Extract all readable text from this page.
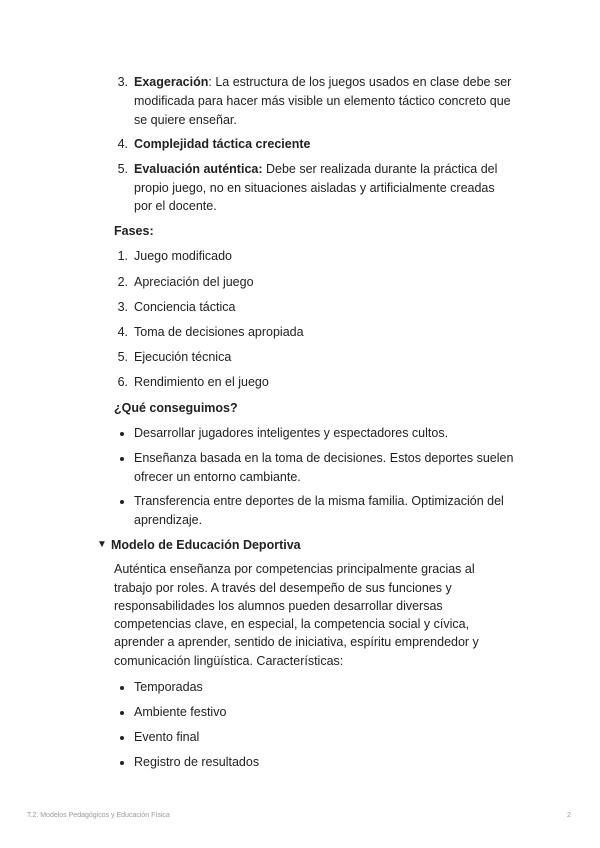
3. Exageración: La estructura de los juegos usados en clase debe ser
modificada para hacer más visible un elemento táctico concreto que
se quiere enseñar.
4. Complejidad táctica creciente
5. Evaluación auténtica: Debe ser realizada durante la práctica del
propio juego, no en situaciones aisladas y artificialmente creadas
por el docente.
Fases:
1. Juego modificado
2. Apreciación del juego
3. Conciencia táctica
4. Toma de decisiones apropiada
5. Ejecución técnica
6. Rendimiento en el juego
¿Qué conseguimos?
Desarrollar jugadores inteligentes y espectadores cultos.
Enseñanza basada en la toma de decisiones. Estos deportes suelen
ofrecer un entorno cambiante.
Transferencia entre deportes de la misma familia. Optimización del
aprendizaje.
▼ Modelo de Educación Deportiva
Auténtica enseñanza por competencias principalmente gracias al
trabajo por roles. A través del desempeño de sus funciones y
responsabilidades los alumnos pueden desarrollar diversas
competencias clave, en especial, la competencia social y cívica,
aprender a aprender, sentido de iniciativa, espíritu emprendedor y
comunicación lingüística. Características:
Temporadas
Ambiente festivo
Evento final
Registro de resultados
T.2. Modelos Pedagógicos y Educación Física	2
